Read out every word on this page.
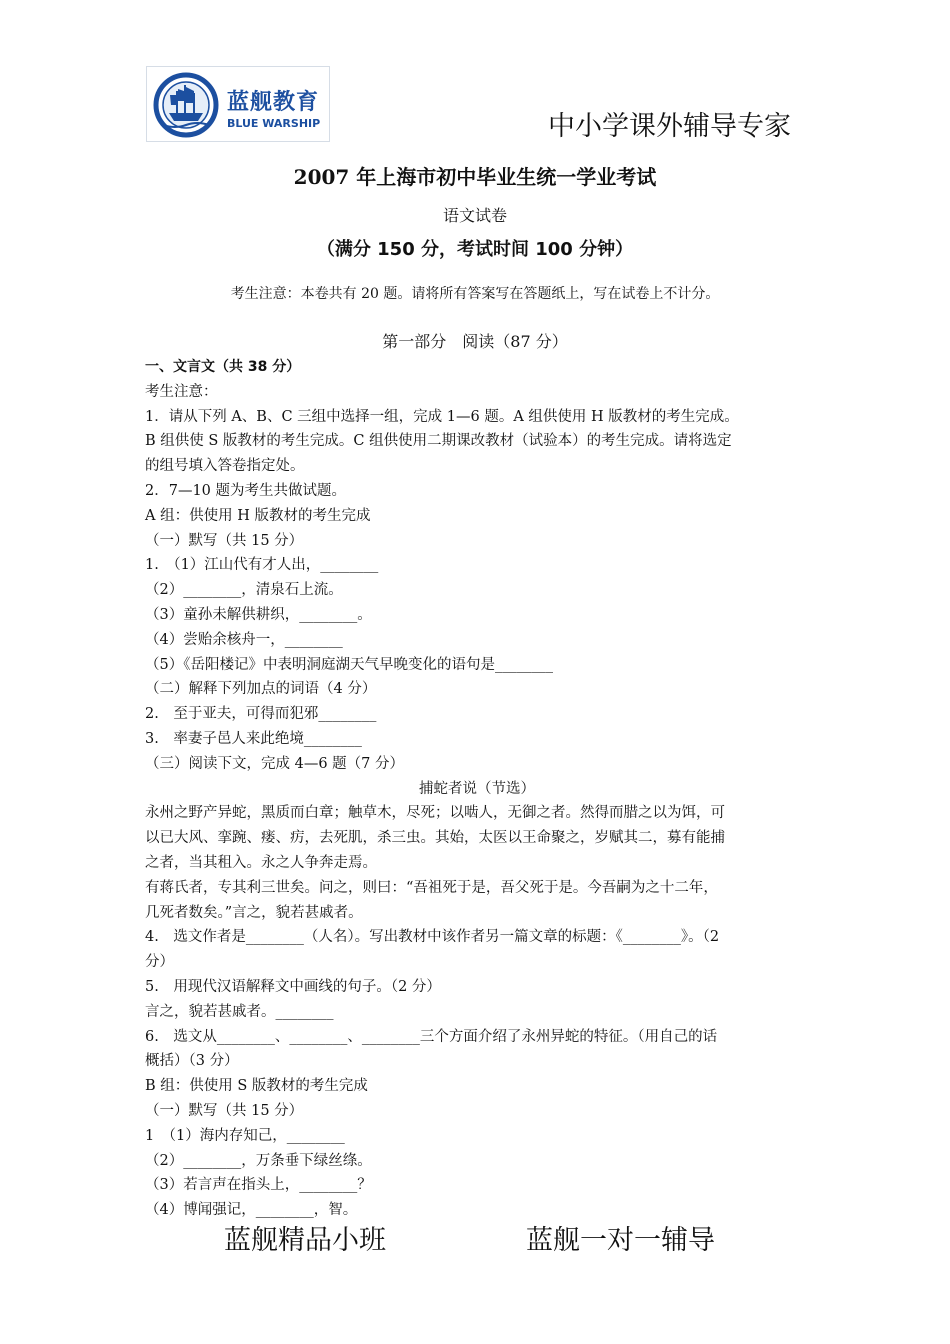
蓝舰教育
BLUE WARSHIP	中小学课外辅导专家
2007 年上海市初中毕业生统一学业考试
语文试卷
（满分 150 分，考试时间 100 分钟）
考生注意：本卷共有 20 题。请将所有答案写在答题纸上，写在试卷上不计分。
第一部分　阅读（87 分）
一、文言文（共 38 分）
考生注意：
1．请从下列 A、B、C 三组中选择一组，完成 1—6 题。A 组供使用 H 版教材的考生完成。
B 组供使 S 版教材的考生完成。C 组供使用二期课改教材（试验本）的考生完成。请将选定
的组号填入答卷指定处。
2．7—10 题为考生共做试题。
A 组：供使用 H 版教材的考生完成
（一）默写（共 15 分）
1.　（1）江山代有才人出，________
（2）________，清泉石上流。
（3）童孙未解供耕织，________。
（4）尝贻余核舟一，________
（5）《岳阳楼记》中表明洞庭湖天气早晚变化的语句是________
（二）解释下列加点的词语（4 分）
2.　至于亚夫，可得而犯邪________
3.　率妻子邑人来此绝境________
（三）阅读下文，完成 4—6 题（7 分）
捕蛇者说（节选）
永州之野产异蛇，黑质而白章；触草木，尽死；以啮人，无御之者。然得而腊之以为饵，可
以已大风、挛踠、瘘、疠，去死肌，杀三虫。其始，太医以王命聚之，岁赋其二，募有能捕
之者，当其租入。永之人争奔走焉。
有蒋氏者，专其利三世矣。问之，则曰：“吾祖死于是，吾父死于是。今吾嗣为之十二年，
几死者数矣。”言之，貌若甚戚者。
4.　选文作者是________（人名）。写出教材中该作者另一篇文章的标题：《________》。（2
分）
5.　用现代汉语解释文中画线的句子。（2 分）
言之，貌若甚戚者。________
6.　选文从________、________、________三个方面介绍了永州异蛇的特征。（用自己的话
概括）（3 分）
B 组：供使用 S 版教材的考生完成
（一）默写（共 15 分）
1　（1）海内存知己，________
（2）________，万条垂下绿丝绦。
（3）若言声在指头上，________？
（4）博闻强记，________，智。
蓝舰精品小班	蓝舰一对一辅导
